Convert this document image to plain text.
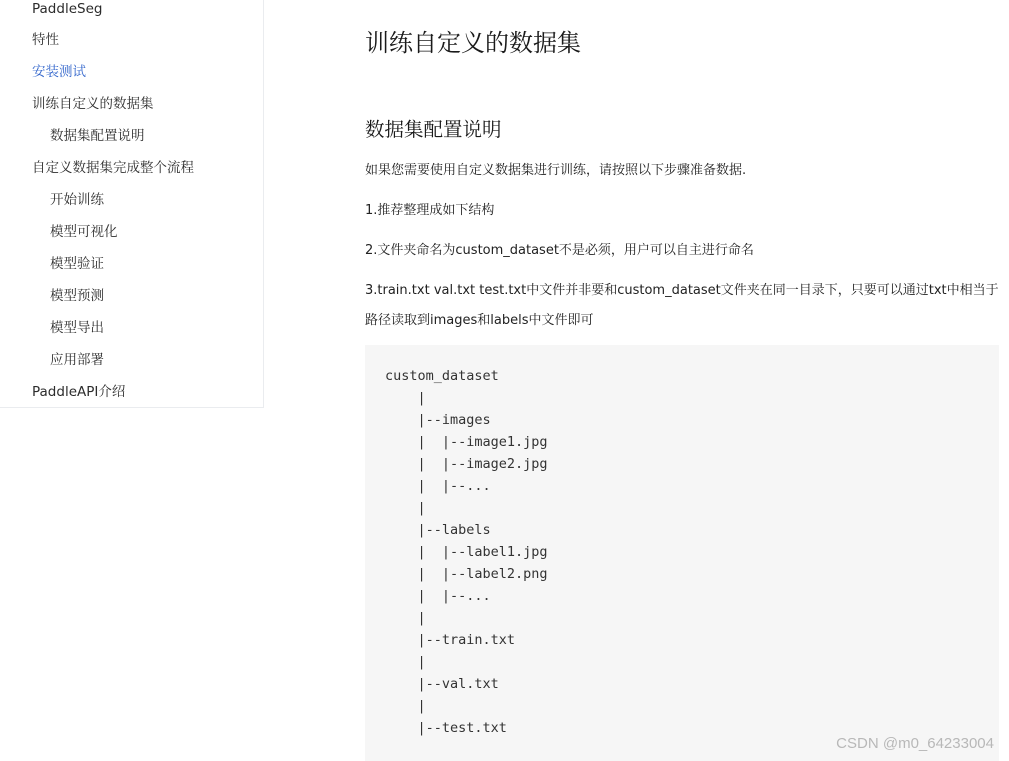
PaddleSeg
特性
安装测试
训练自定义的数据集
数据集配置说明
自定义数据集完成整个流程
开始训练
模型可视化
模型验证
模型预测
模型导出
应用部署
PaddleAPI介绍
训练自定义的数据集
数据集配置说明

如果您需要使用自定义数据集进行训练，请按照以下步骤准备数据.

1.推荐整理成如下结构

2.文件夹命名为custom_dataset不是必须，用户可以自主进行命名

3.train.txt val.txt test.txt中文件并非要和custom_dataset文件夹在同一目录下，只要可以通过txt中相当于路径读取到images和labels中文件即可

custom_dataset
|
|--images
|  |--image1.jpg
|  |--image2.jpg
|  |--...
|
|--labels
|  |--label1.jpg
|  |--label2.png
|  |--...
|
|--train.txt
|
|--val.txt
|
|--test.txt
CSDN @m0_64233004
